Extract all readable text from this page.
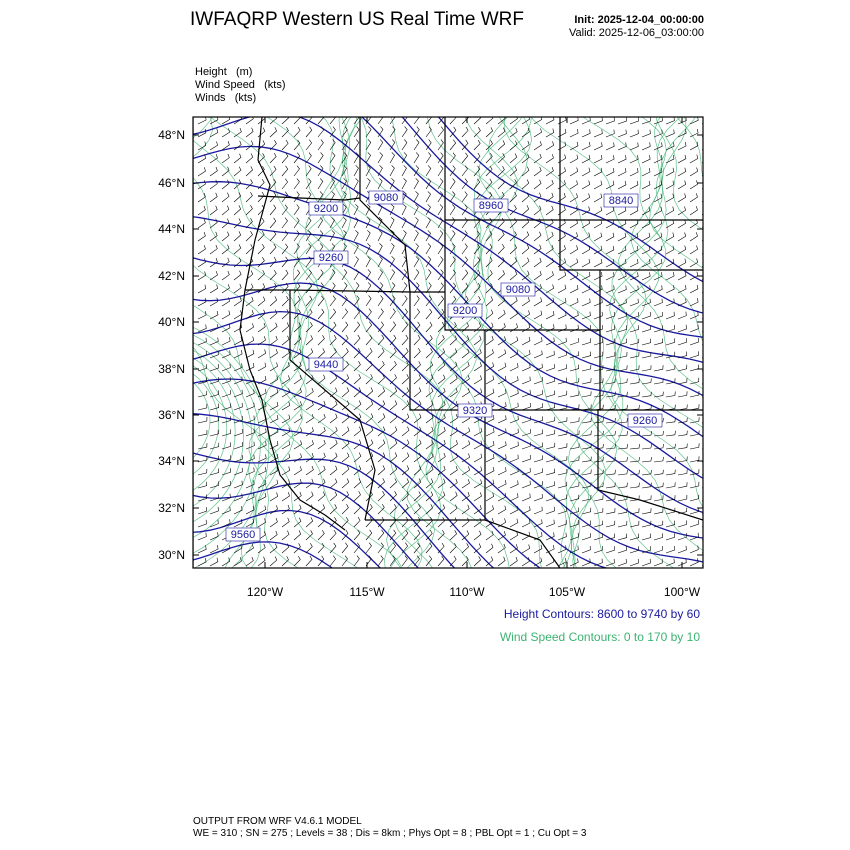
IWFAQRP Western US Real Time WRF	Init: 2025-12-04_00:00:00
Valid: 2025-12-06_03:00:00
Height (m)
Wind Speed (kts)
Winds (kts)
9200
9080
8960	8840
9260
9080
9200
9440
9320
9260
9560
48°N
46°N
44°N
42°N
40°N
38°N
36°N
34°N
32°N
30°N
120°W	115°W	110°W	105°W	100°W
Height Contours: 8600 to 9740 by 60
Wind Speed Contours: 0 to 170 by 10
OUTPUT FROM WRF V4.6.1 MODEL
WE = 310 ; SN = 275 ; Levels = 38 ; Dis = 8km ; Phys Opt = 8 ; PBL Opt = 1 ; Cu Opt = 3
